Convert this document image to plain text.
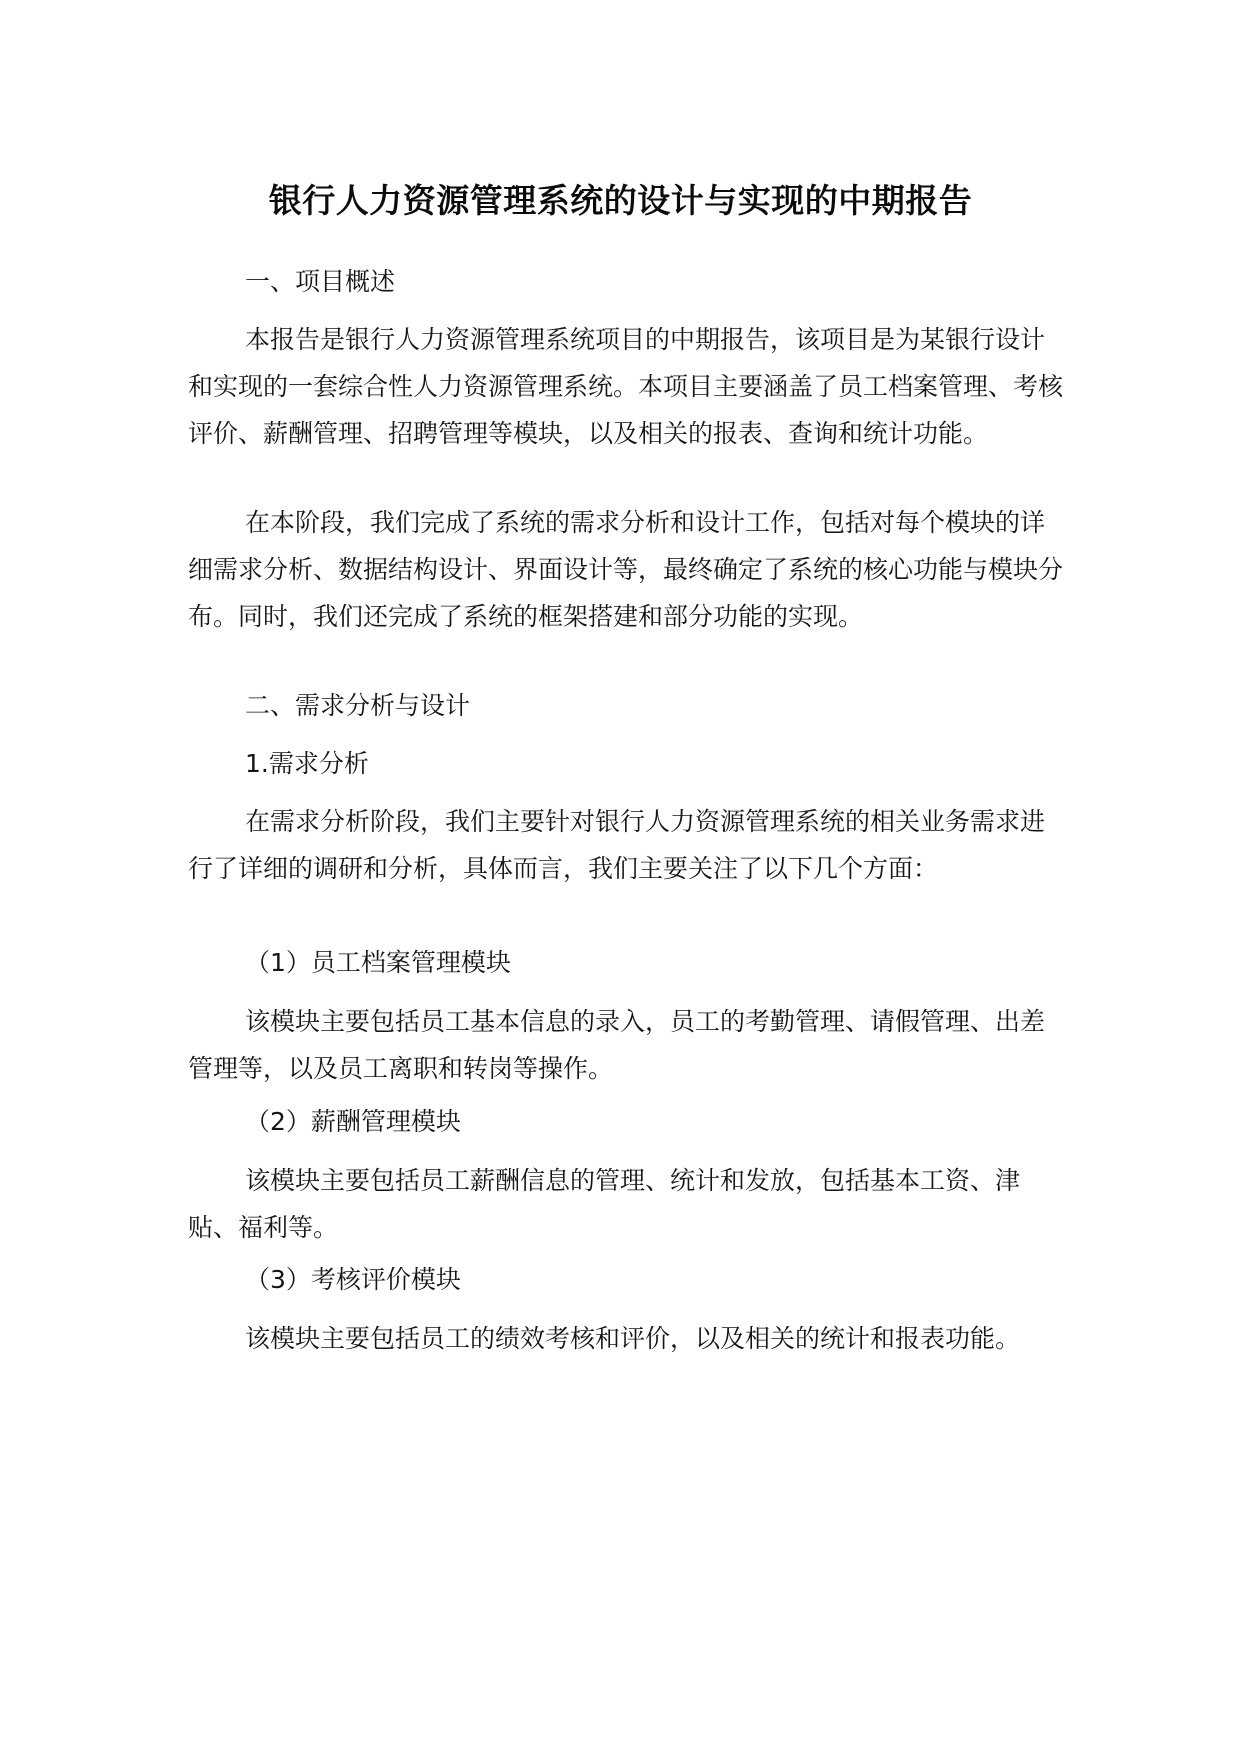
银行人力资源管理系统的设计与实现的中期报告
一、项目概述
本报告是银行人力资源管理系统项目的中期报告，该项目是为某银行设计和实现的一套综合性人力资源管理系统。本项目主要涵盖了员工档案管理、考核评价、薪酬管理、招聘管理等模块，以及相关的报表、查询和统计功能。
在本阶段，我们完成了系统的需求分析和设计工作，包括对每个模块的详细需求分析、数据结构设计、界面设计等，最终确定了系统的核心功能与模块分布。同时，我们还完成了系统的框架搭建和部分功能的实现。
二、需求分析与设计
1.需求分析
在需求分析阶段，我们主要针对银行人力资源管理系统的相关业务需求进行了详细的调研和分析，具体而言，我们主要关注了以下几个方面：
（1）员工档案管理模块
该模块主要包括员工基本信息的录入，员工的考勤管理、请假管理、出差管理等，以及员工离职和转岗等操作。
（2）薪酬管理模块
该模块主要包括员工薪酬信息的管理、统计和发放，包括基本工资、津贴、福利等。
（3）考核评价模块
该模块主要包括员工的绩效考核和评价，以及相关的统计和报表功能。
